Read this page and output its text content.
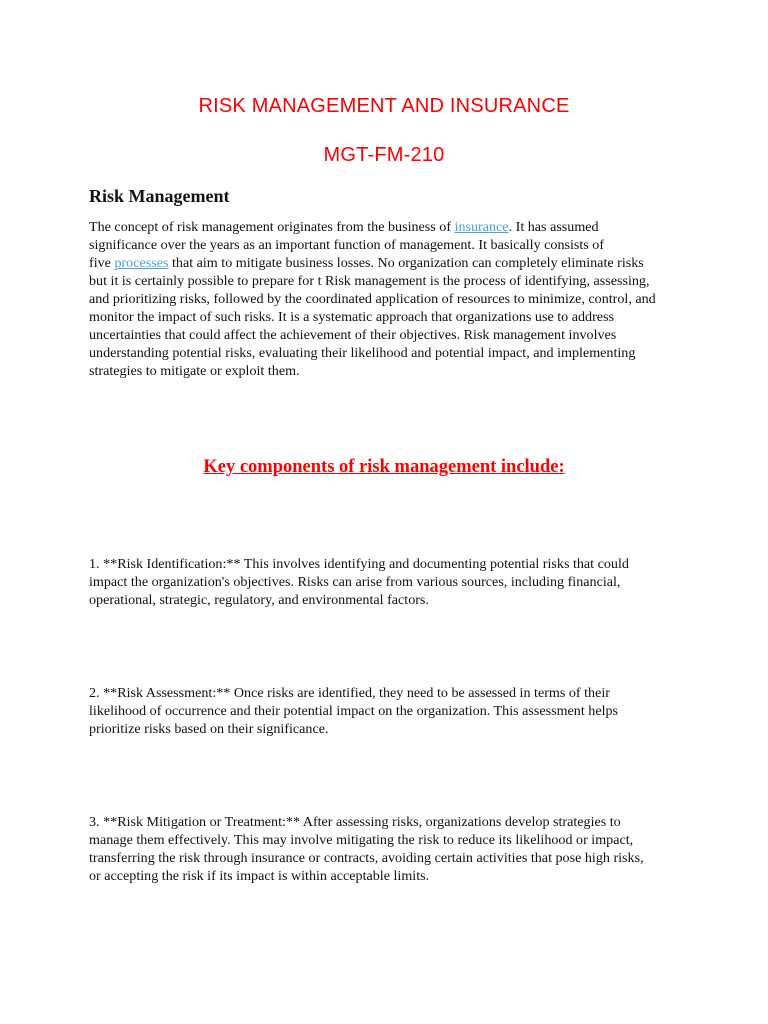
RISK MANAGEMENT AND INSURANCE
MGT-FM-210
Risk Management

The concept of risk management originates from the business of insurance. It has assumed
significance over the years as an important function of management. It basically consists of
five processes that aim to mitigate business losses. No organization can completely eliminate risks
but it is certainly possible to prepare for t Risk management is the process of identifying, assessing,
and prioritizing risks, followed by the coordinated application of resources to minimize, control, and
monitor the impact of such risks. It is a systematic approach that organizations use to address
uncertainties that could affect the achievement of their objectives. Risk management involves
understanding potential risks, evaluating their likelihood and potential impact, and implementing
strategies to mitigate or exploit them.

Key components of risk management include:

1. **Risk Identification:** This involves identifying and documenting potential risks that could
impact the organization's objectives. Risks can arise from various sources, including financial,
operational, strategic, regulatory, and environmental factors.

2. **Risk Assessment:** Once risks are identified, they need to be assessed in terms of their
likelihood of occurrence and their potential impact on the organization. This assessment helps
prioritize risks based on their significance.

3. **Risk Mitigation or Treatment:** After assessing risks, organizations develop strategies to
manage them effectively. This may involve mitigating the risk to reduce its likelihood or impact,
transferring the risk through insurance or contracts, avoiding certain activities that pose high risks,
or accepting the risk if its impact is within acceptable limits.
